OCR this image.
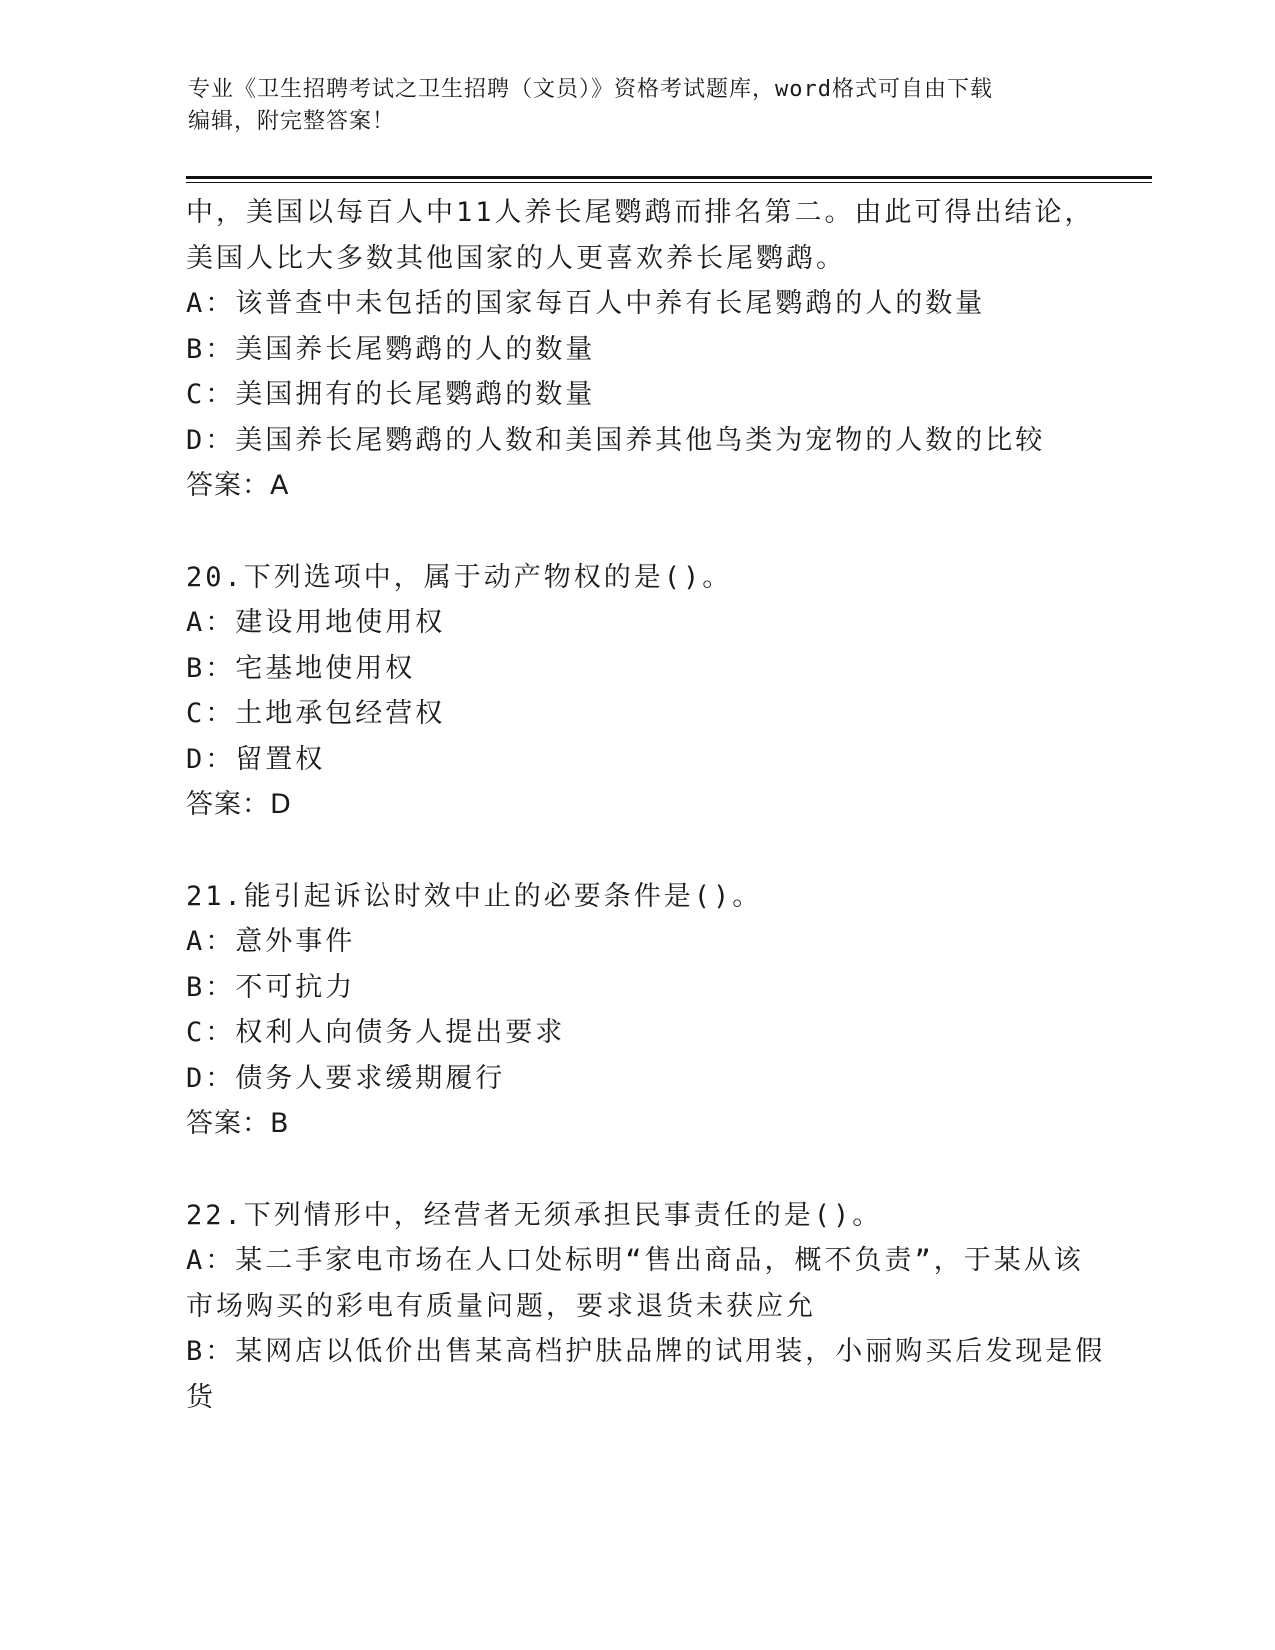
专业《卫生招聘考试之卫生招聘（文员）》资格考试题库，word格式可自由下载
编辑，附完整答案！
中，美国以每百人中11人养长尾鹦鹉而排名第二。由此可得出结论，
美国人比大多数其他国家的人更喜欢养长尾鹦鹉。
A：该普查中未包括的国家每百人中养有长尾鹦鹉的人的数量
B：美国养长尾鹦鹉的人的数量
C：美国拥有的长尾鹦鹉的数量
D：美国养长尾鹦鹉的人数和美国养其他鸟类为宠物的人数的比较
答案：A
20.下列选项中，属于动产物权的是()。
A：建设用地使用权
B：宅基地使用权
C：土地承包经营权
D：留置权
答案：D
21.能引起诉讼时效中止的必要条件是()。
A：意外事件
B：不可抗力
C：权利人向债务人提出要求
D：债务人要求缓期履行
答案：B
22.下列情形中，经营者无须承担民事责任的是()。
A：某二手家电市场在人口处标明“售出商品，概不负责”，于某从该
市场购买的彩电有质量问题，要求退货未获应允
B：某网店以低价出售某高档护肤品牌的试用装，小丽购买后发现是假
货
